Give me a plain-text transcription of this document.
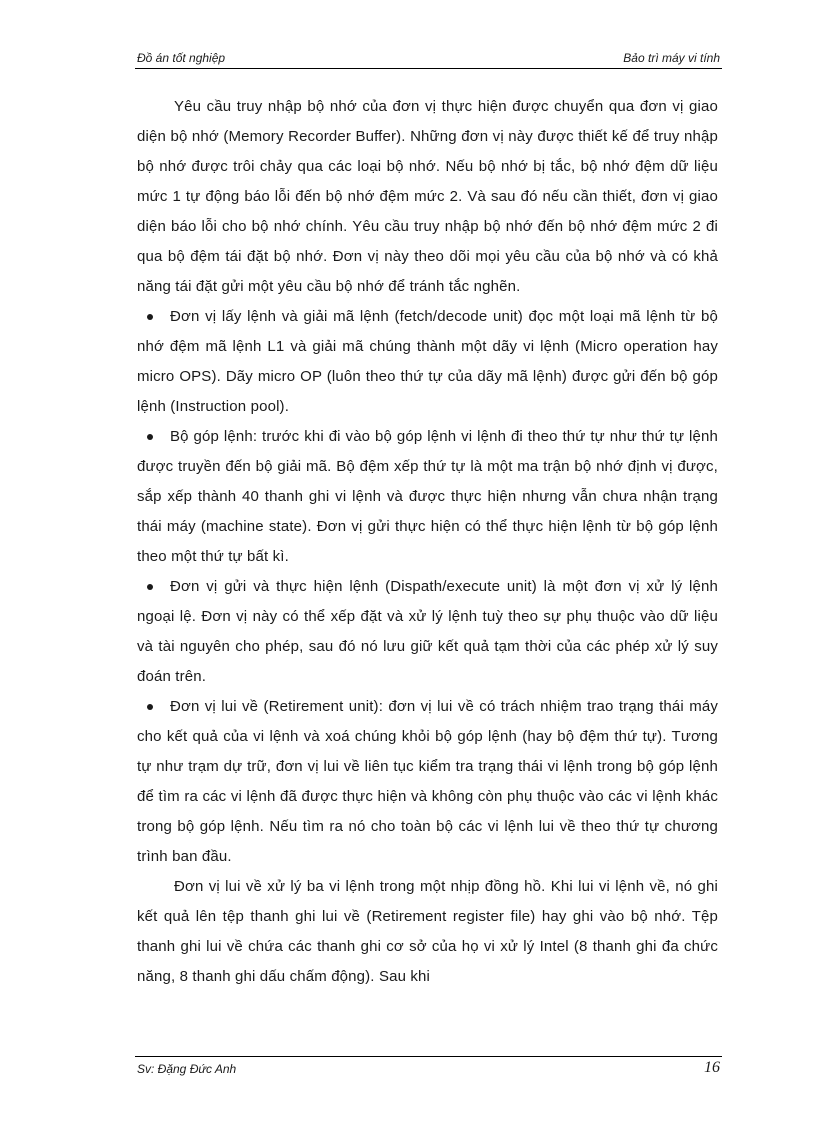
Đồ án tốt nghiệp	Bảo trì máy vi tính

Yêu cầu truy nhập bộ nhớ của đơn vị thực hiện được chuyển qua đơn vị giao diện bộ nhớ (Memory Recorder Buffer). Những đơn vị này được thiết kế để truy nhập bộ nhớ được trôi chảy qua các loại bộ nhớ. Nếu bộ nhớ bị tắc, bộ nhớ đệm dữ liệu mức 1 tự động báo lỗi đến bộ nhớ đệm mức 2. Và sau đó nếu cần thiết, đơn vị giao diện báo lỗi cho bộ nhớ chính. Yêu cầu truy nhập bộ nhớ đến bộ nhớ đệm mức 2 đi qua bộ đệm tái đặt bộ nhớ. Đơn vị này theo dõi mọi yêu cầu của bộ nhớ và có khả năng tái đặt gửi một yêu cầu bộ nhớ để tránh tắc nghẽn.

Đơn vị lấy lệnh và giải mã lệnh (fetch/decode unit) đọc một loại mã lệnh từ bộ nhớ đệm mã lệnh L1 và giải mã chúng thành một dãy vi lệnh (Micro operation hay micro OPS). Dãy micro OP (luôn theo thứ tự của dãy mã lệnh) được gửi đến bộ góp lệnh (Instruction pool).

Bộ góp lệnh: trước khi đi vào bộ góp lệnh vi lệnh đi theo thứ tự như thứ tự lệnh được truyền đến bộ giải mã. Bộ đệm xếp thứ tự là một ma trận bộ nhớ định vị được, sắp xếp thành 40 thanh ghi vi lệnh và được thực hiện nhưng vẫn chưa nhận trạng thái máy (machine state). Đơn vị gửi thực hiện có thể thực hiện lệnh từ bộ góp lệnh theo một thứ tự bất kì.

Đơn vị gửi và thực hiện lệnh (Dispath/execute unit) là một đơn vị xử lý lệnh ngoại lệ. Đơn vị này có thể xếp đặt và xử lý lệnh tuỳ theo sự phụ thuộc vào dữ liệu và tài nguyên cho phép, sau đó nó lưu giữ kết quả tạm thời của các phép xử lý suy đoán trên.

Đơn vị lui về (Retirement unit): đơn vị lui về có trách nhiệm trao trạng thái máy cho kết quả của vi lệnh và xoá chúng khỏi bộ góp lệnh (hay bộ đệm thứ tự). Tương tự như trạm dự trữ, đơn vị lui về liên tục kiểm tra trạng thái vi lệnh trong bộ góp lệnh để tìm ra các vi lệnh đã được thực hiện và không còn phụ thuộc vào các vi lệnh khác trong bộ góp lệnh. Nếu tìm ra nó cho toàn bộ các vi lệnh lui về theo thứ tự chương trình ban đầu.

Đơn vị lui về xử lý ba vi lệnh trong một nhịp đồng hồ. Khi lui vi lệnh về, nó ghi kết quả lên tệp thanh ghi lui về (Retirement register file) hay ghi vào bộ nhớ. Tệp thanh ghi lui về chứa các thanh ghi cơ sở của họ vi xử lý Intel (8 thanh ghi đa chức năng, 8 thanh ghi dấu chấm động). Sau khi

Sv: Đặng Đức Anh	16
